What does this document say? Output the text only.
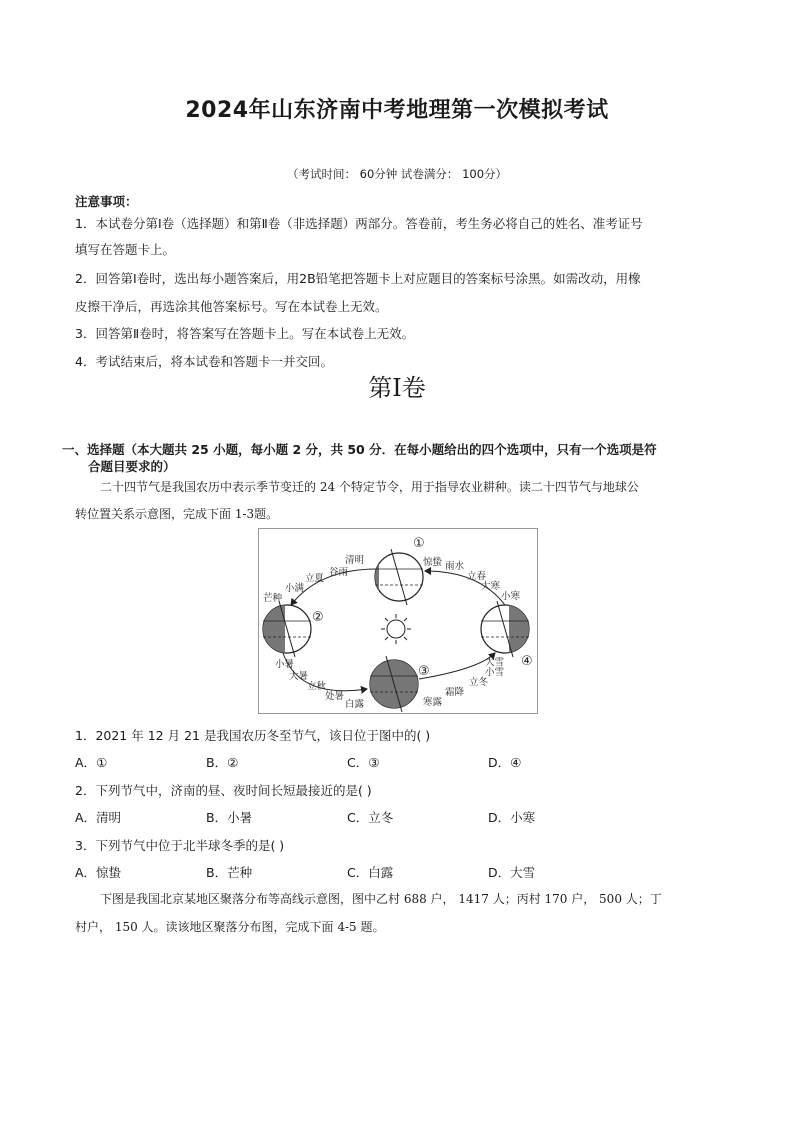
2024年山东济南中考地理第一次模拟考试
（考试时间： 60分钟 试卷满分： 100分）
注意事项：
1．本试卷分第Ⅰ卷（选择题）和第Ⅱ卷（非选择题）两部分。答卷前，考生务必将自己的姓名、准考证号
填写在答题卡上。
2．回答第Ⅰ卷时，选出每小题答案后，用2B铅笔把答题卡上对应题目的答案标号涂黑。如需改动，用橡
皮擦干净后，再选涂其他答案标号。写在本试卷上无效。
3．回答第Ⅱ卷时，将答案写在答题卡上。写在本试卷上无效。
4．考试结束后，将本试卷和答题卡一并交回。
第Ⅰ卷
一、选择题（本大题共 25 小题，每小题 2 分，共 50 分．在每小题给出的四个选项中，只有一个选项是符
合题目要求的）
二十四节气是我国农历中表示季节变迁的 24 个特定节令，用于指导农业耕种。读二十四节气与地球公
转位置关系示意图，完成下面 1-3题。
①
②
③
④
清明
谷雨
立夏
小满
芒种
惊蛰 雨水
立春
大寒
小寒
小暑
大暑
立秋
处暑
白露	寒露
霜降
立冬
小雪
大雪
1．2021 年 12 月 21 是我国农历冬至节气，该日位于图中的( )
A．①	B．②	C．③	D．④
2．下列节气中，济南的昼、夜时间长短最接近的是( )
A．清明	B．小暑	C．立冬	D．小寒
3．下列节气中位于北半球冬季的是( )
A．惊蛰	B．芒种	C．白露	D．大雪
下图是我国北京某地区聚落分布等高线示意图，图中乙村 688 户， 1417 人；丙村 170 户， 500 人；丁
村户， 150 人。读该地区聚落分布图，完成下面 4-5 题。
